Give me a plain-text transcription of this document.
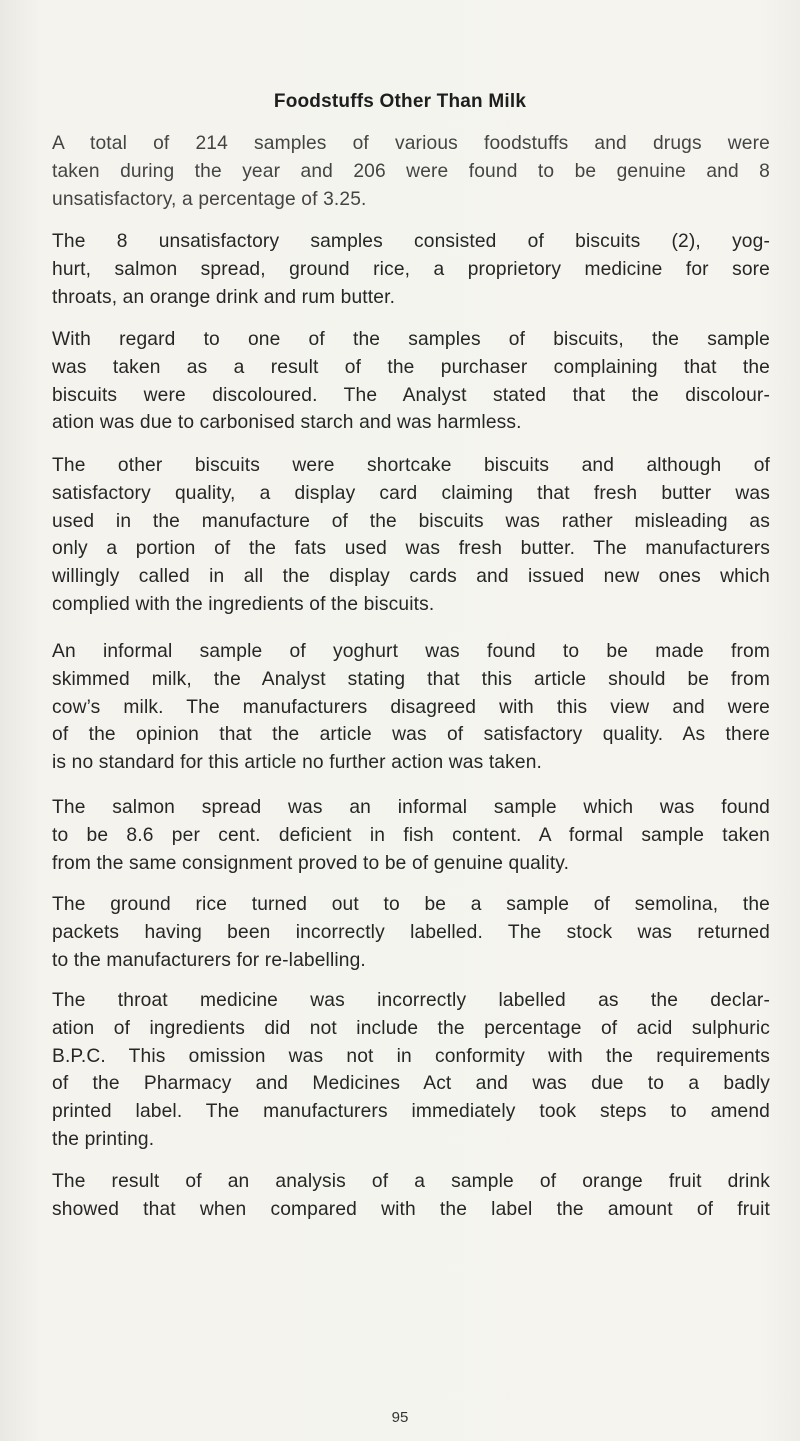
Foodstuffs Other Than Milk

A total of 214 samples of various foodstuffs and drugs were
taken during the year and 206 were found to be genuine and 8
unsatisfactory, a percentage of 3.25.

The 8 unsatisfactory samples consisted of biscuits (2), yog-
hurt, salmon spread, ground rice, a proprietory medicine for sore
throats, an orange drink and rum butter.

With regard to one of the samples of biscuits, the sample
was taken as a result of the purchaser complaining that the
biscuits were discoloured. The Analyst stated that the discolour-
ation was due to carbonised starch and was harmless.

The other biscuits were shortcake biscuits and although of
satisfactory quality, a display card claiming that fresh butter was
used in the manufacture of the biscuits was rather misleading as
only a portion of the fats used was fresh butter. The manufacturers
willingly called in all the display cards and issued new ones which
complied with the ingredients of the biscuits.

An informal sample of yoghurt was found to be made from
skimmed milk, the Analyst stating that this article should be from
cow’s milk. The manufacturers disagreed with this view and were
of the opinion that the article was of satisfactory quality. As there
is no standard for this article no further action was taken.

The salmon spread was an informal sample which was found
to be 8.6 per cent. deficient in fish content. A formal sample taken
from the same consignment proved to be of genuine quality.

The ground rice turned out to be a sample of semolina, the
packets having been incorrectly labelled. The stock was returned
to the manufacturers for re-labelling.

The throat medicine was incorrectly labelled as the declar-
ation of ingredients did not include the percentage of acid sulphuric
B.P.C. This omission was not in conformity with the requirements
of the Pharmacy and Medicines Act and was due to a badly
printed label. The manufacturers immediately took steps to amend
the printing.

The result of an analysis of a sample of orange fruit drink
showed that when compared with the label the amount of fruit

95
